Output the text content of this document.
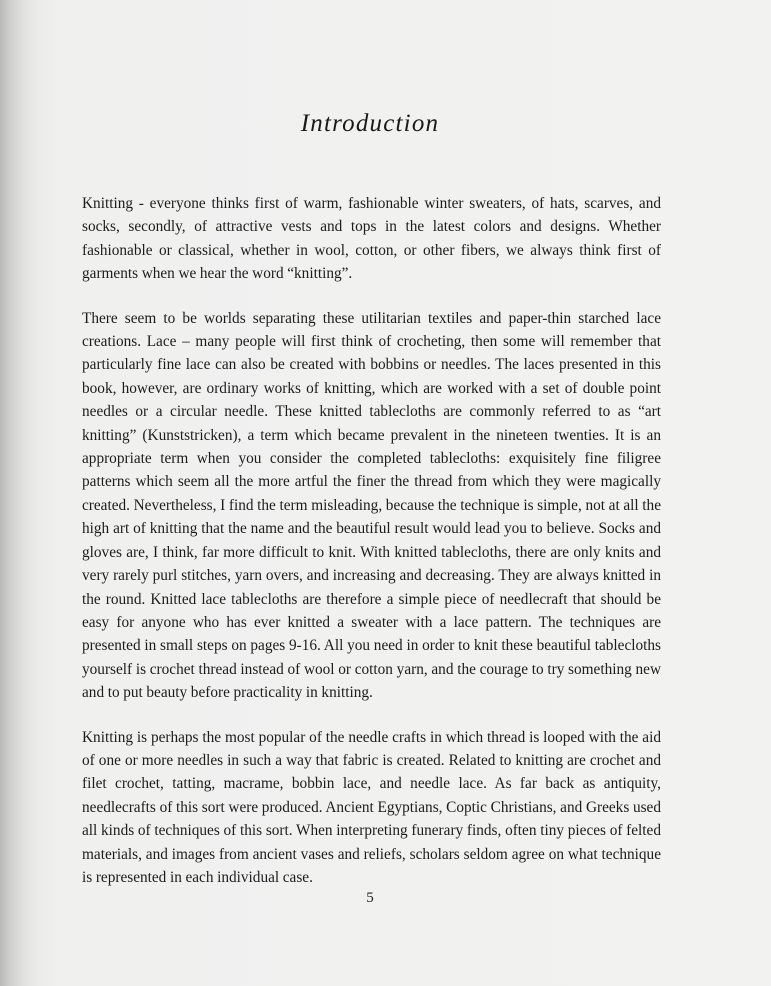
Introduction

Knitting - everyone thinks first of warm, fashionable winter sweaters, of hats, scarves, and socks, secondly, of attractive vests and tops in the latest colors and designs. Whether fashionable or classical, whether in wool, cotton, or other fibers, we always think first of garments when we hear the word “knitting”.

There seem to be worlds separating these utilitarian textiles and paper-thin starched lace creations. Lace – many people will first think of crocheting, then some will remember that particularly fine lace can also be created with bobbins or needles. The laces presented in this book, however, are ordinary works of knitting, which are worked with a set of double point needles or a circular needle. These knitted tablecloths are commonly referred to as “art knitting” (Kunststricken), a term which became prevalent in the nineteen twenties. It is an appropriate term when you consider the completed tablecloths: exquisitely fine filigree patterns which seem all the more artful the finer the thread from which they were magically created. Nevertheless, I find the term misleading, because the technique is simple, not at all the high art of knitting that the name and the beautiful result would lead you to believe. Socks and gloves are, I think, far more difficult to knit. With knitted tablecloths, there are only knits and very rarely purl stitches, yarn overs, and increasing and decreasing. They are always knitted in the round. Knitted lace tablecloths are therefore a simple piece of needlecraft that should be easy for anyone who has ever knitted a sweater with a lace pattern. The techniques are presented in small steps on pages 9-16. All you need in order to knit these beautiful tablecloths yourself is crochet thread instead of wool or cotton yarn, and the courage to try something new and to put beauty before practicality in knitting.

Knitting is perhaps the most popular of the needle crafts in which thread is looped with the aid of one or more needles in such a way that fabric is created. Related to knitting are crochet and filet crochet, tatting, macrame, bobbin lace, and needle lace. As far back as antiquity, needlecrafts of this sort were produced. Ancient Egyptians, Coptic Christians, and Greeks used all kinds of techniques of this sort. When interpreting funerary finds, often tiny pieces of felted materials, and images from ancient vases and reliefs, scholars seldom agree on what technique is represented in each individual case.

5
